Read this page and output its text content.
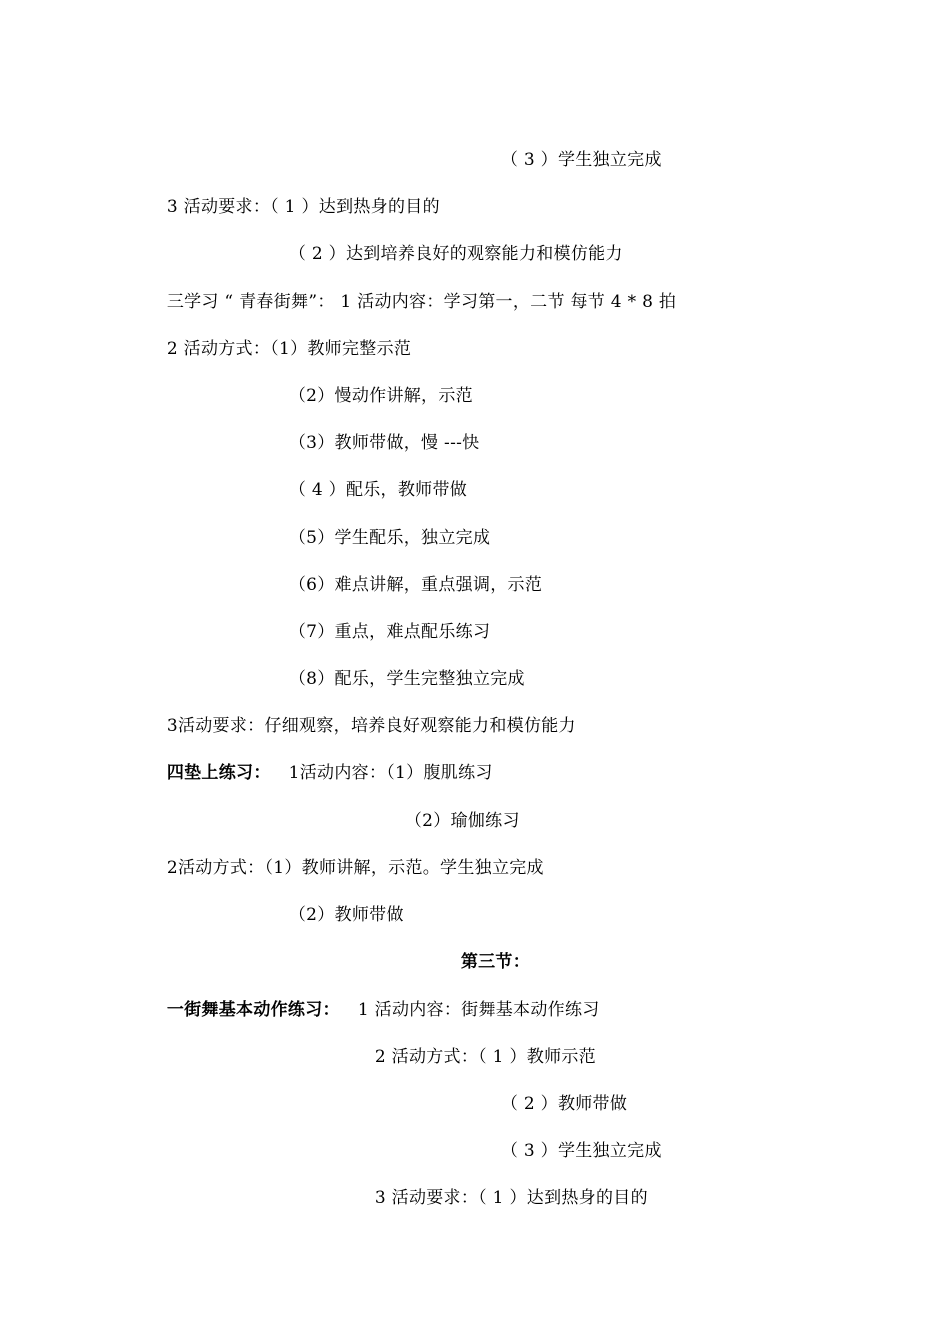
（ 3 ）学生独立完成

3 活动要求：（ 1 ）达到热身的目的

（ 2 ）达到培养良好的观察能力和模仿能力

三学习 “ 青春街舞”： 1 活动内容：学习第一，二节 每节 4 * 8 拍

2 活动方式：（1）教师完整示范

（2）慢动作讲解，示范

（3）教师带做，慢 ---快

（ 4 ）配乐，教师带做

（5）学生配乐，独立完成

（6）难点讲解，重点强调，示范

（7）重点，难点配乐练习

（8）配乐，学生完整独立完成

3活动要求：仔细观察，培养良好观察能力和模仿能力

四垫上练习： 1活动内容：（1）腹肌练习

（2）瑜伽练习

2活动方式：（1）教师讲解，示范。学生独立完成

（2）教师带做

第三节：

一街舞基本动作练习： 1 活动内容：街舞基本动作练习

2 活动方式：（ 1 ）教师示范

（ 2 ）教师带做

（ 3 ）学生独立完成

3 活动要求：（ 1 ）达到热身的目的
